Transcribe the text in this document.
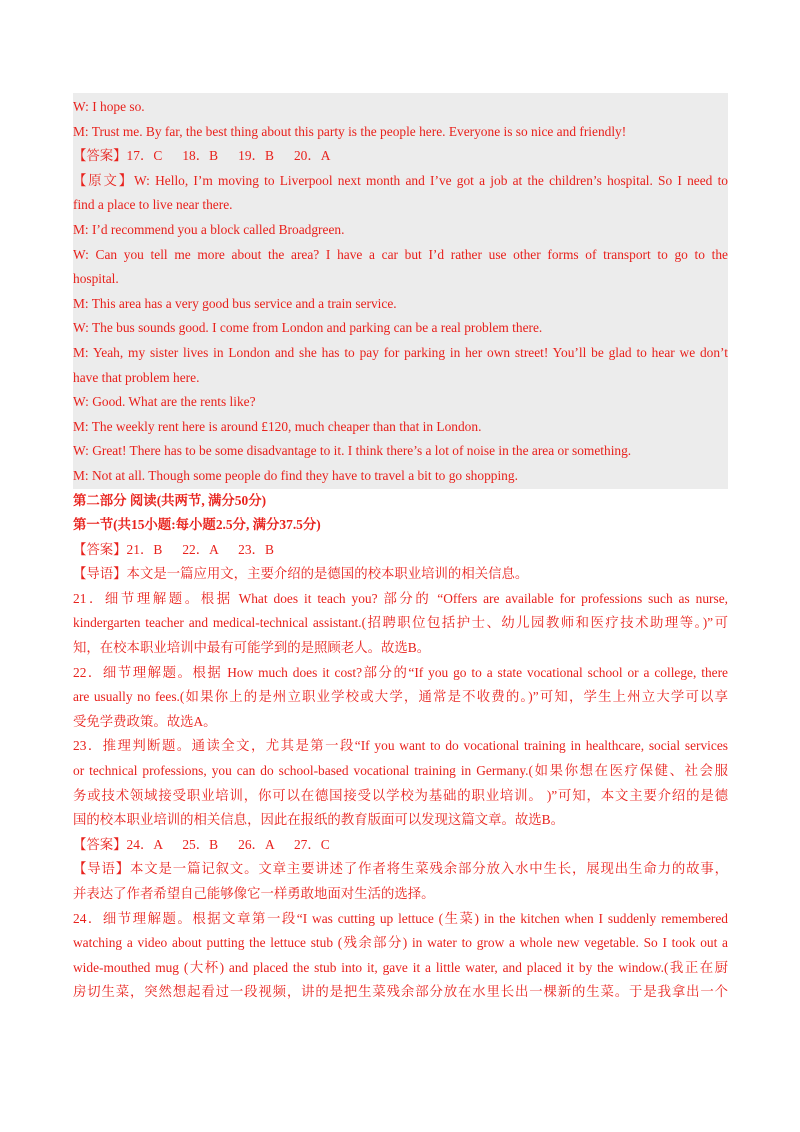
W: I hope so.
M: Trust me. By far, the best thing about this party is the people here. Everyone is so nice and friendly!
【答案】17．C      18．B      19．B      20．A
【原文】W: Hello, I’m moving to Liverpool next month and I’ve got a job at the children’s hospital. So I need to
find a place to live near there.
M: I’d recommend you a block called Broadgreen.
W: Can you tell me more about the area? I have a car but I’d rather use other forms of transport to go to the
hospital.
M: This area has a very good bus service and a train service.
W: The bus sounds good. I come from London and parking can be a real problem there.
M: Yeah, my sister lives in London and she has to pay for parking in her own street! You’ll be glad to hear we don’t
have that problem here.
W: Good. What are the rents like?
M: The weekly rent here is around £120, much cheaper than that in London.
W: Great! There has to be some disadvantage to it. I think there’s a lot of noise in the area or something.
M: Not at all. Though some people do find they have to travel a bit to go shopping.
第二部分 阅读(共两节, 满分50分)
第一节(共15小题:每小题2.5分, 满分37.5分)
【答案】21．B      22．A      23．B
【导语】本文是一篇应用文，主要介绍的是德国的校本职业培训的相关信息。
21．细节理解题。根据 What does it teach you? 部分的 “Offers are available for professions such as nurse,
kindergarten teacher and medical-technical assistant.(招聘职位包括护士、幼儿园教师和医疗技术助理等。)”可
知，在校本职业培训中最有可能学到的是照顾老人。故选B。
22．细节理解题。根据 How much does it cost?部分的“If you go to a state vocational school or a college, there
are usually no fees.(如果你上的是州立职业学校或大学，通常是不收费的。)”可知，学生上州立大学可以享
受免学费政策。故选A。
23．推理判断题。通读全文，尤其是第一段“If you want to do vocational training in healthcare, social services
or technical professions, you can do school-based vocational training in Germany.(如果你想在医疗保健、社会服
务或技术领域接受职业培训，你可以在德国接受以学校为基础的职业培训。 )”可知，本文主要介绍的是德
国的校本职业培训的相关信息，因此在报纸的教育版面可以发现这篇文章。故选B。
【答案】24．A      25．B      26．A      27．C
【导语】本文是一篇记叙文。文章主要讲述了作者将生菜残余部分放入水中生长，展现出生命力的故事，
并表达了作者希望自己能够像它一样勇敢地面对生活的选择。
24．细节理解题。根据文章第一段“I was cutting up lettuce (生菜) in the kitchen when I suddenly remembered
watching a video about putting the lettuce stub (残余部分) in water to grow a whole new vegetable. So I took out a
wide-mouthed mug (大杯) and placed the stub into it, gave it a little water, and placed it by the window.(我正在厨
房切生菜，突然想起看过一段视频，讲的是把生菜残余部分放在水里长出一棵新的生菜。于是我拿出一个
